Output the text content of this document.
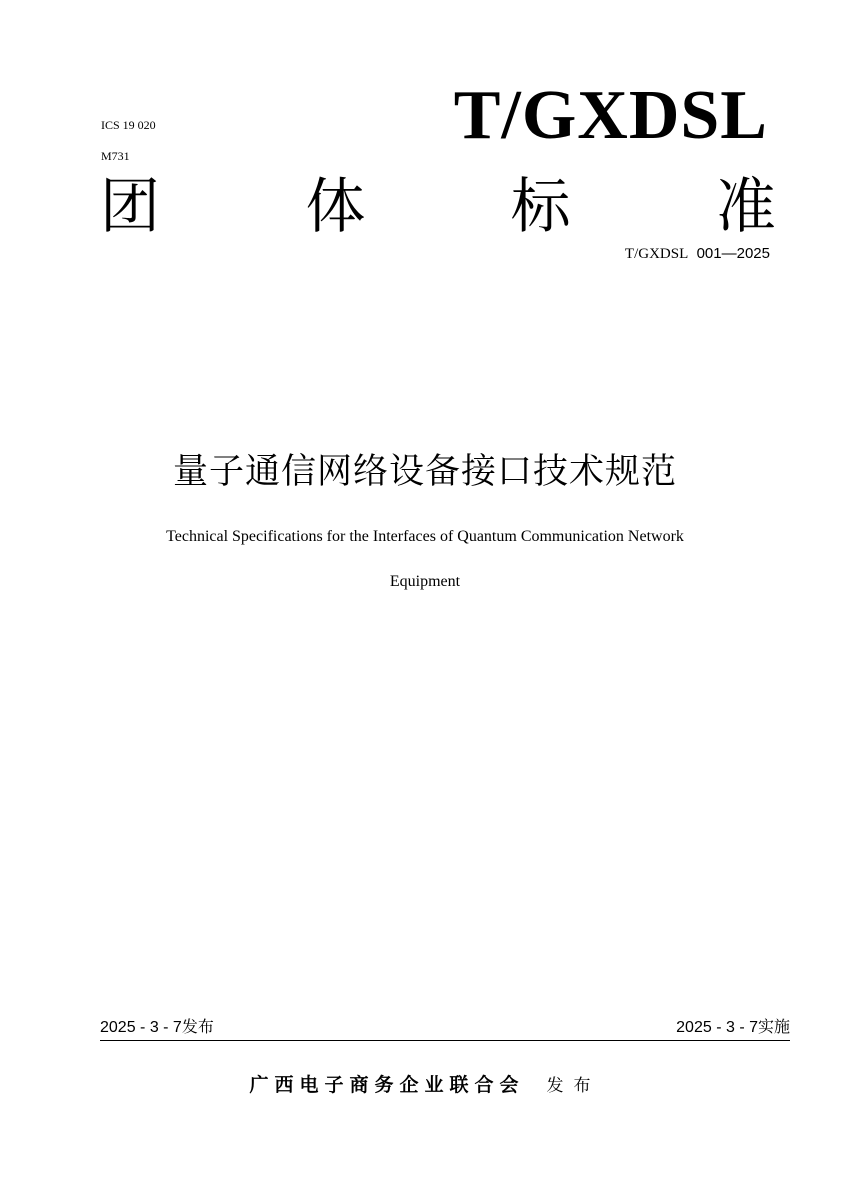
ICS 19 020
M731
T/GXDSL
团 体 标 准
T/GXDSL 001—2025
量子通信网络设备接口技术规范
Technical Specifications for the Interfaces of Quantum Communication Network
Equipment
2025 - 3 - 7发布	2025 - 3 - 7实施
广西电子商务企业联合会 发布
